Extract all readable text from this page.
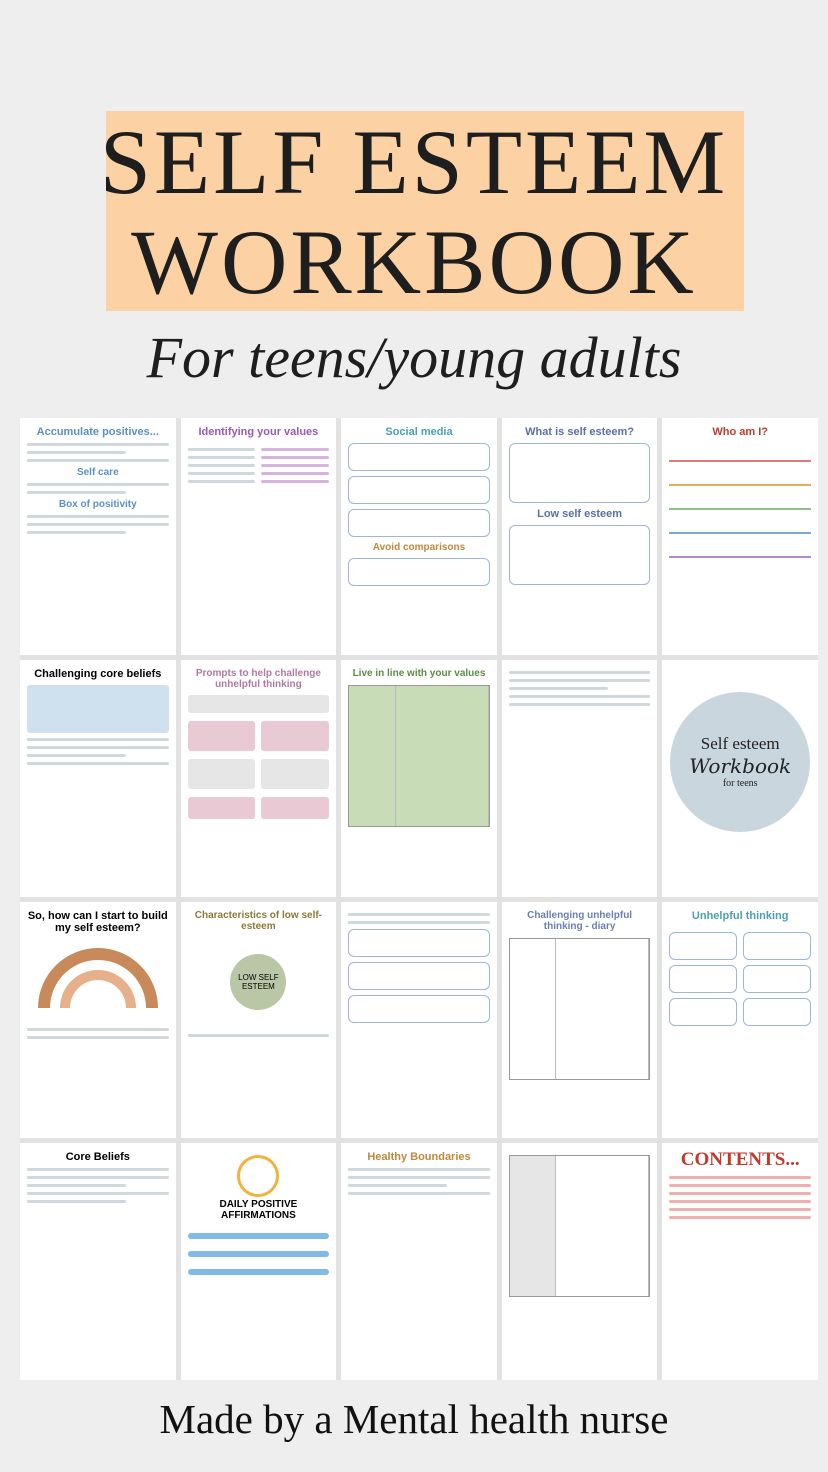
SELF ESTEEM
WORKBOOK
For teens/young adults
Accumulate positives...
Self care
Box of positivity
Identifying your values	Social media
Avoid comparisons
What is self esteem?
Low self esteem
Who am I?
Challenging core beliefs	Prompts to help challenge unhelpful thinking
Live in line with your values
Self esteem
Workbook
for teens
So, how can I start to build my self esteem?
Characteristics of low self-esteem
LOW SELF ESTEEM
Challenging unhelpful thinking - diary
Unhelpful thinking
Core Beliefs
DAILY POSITIVE AFFIRMATIONS
Healthy Boundaries	CONTENTS...
Made by a Mental health nurse
